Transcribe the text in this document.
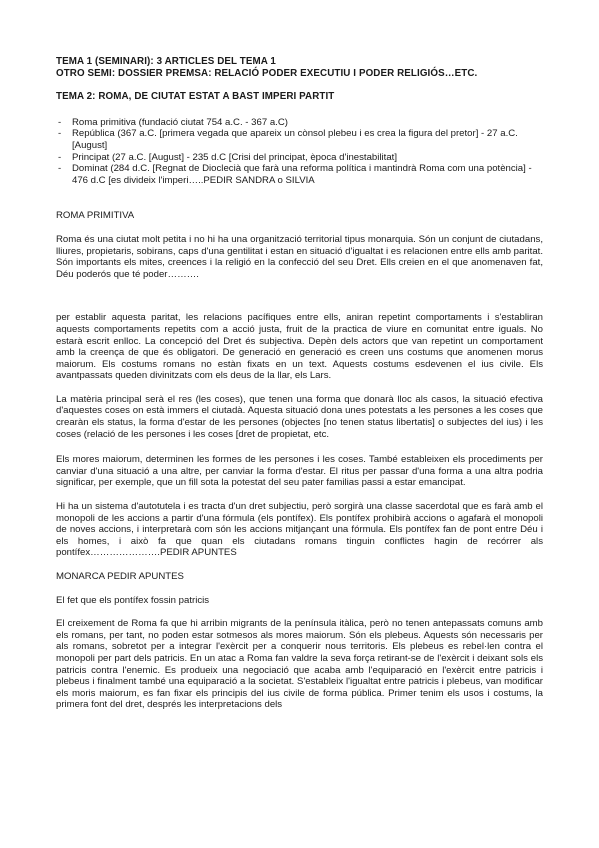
TEMA 1 (SEMINARI): 3 ARTICLES DEL TEMA 1
OTRO SEMI: DOSSIER PREMSA: RELACIÓ PODER EXECUTIU I PODER RELIGIÓS…ETC.
TEMA 2: ROMA, DE CIUTAT ESTAT A BAST IMPERI PARTIT
- Roma primitiva (fundació ciutat 754 a.C. - 367 a.C)
- República (367 a.C. [primera vegada que apareix un cònsol plebeu i es crea la figura del pretor] - 27 a.C. [August]
- Principat (27 a.C. [August] - 235 d.C [Crisi del principat, època d'inestabilitat]
- Dominat (284 d.C. [Regnat de Dioclecià que farà una reforma política i mantindrà Roma com una potència] - 476 d.C [es divideix l'imperi…..PEDIR SANDRA o SILVIA
ROMA PRIMITIVA

Roma és una ciutat molt petita i no hi ha una organització territorial tipus monarquia. Són un conjunt de ciutadans, lliures, propietaris, sobirans, caps d'una gentilitat i estan en situació d'igualtat i es relacionen entre ells amb paritat. Són importants els mites, creences i la religió en la confecció del seu Dret. Ells creien en el que anomenaven fat, Déu poderós que té poder……….

per establir aquesta paritat, les relacions pacífiques entre ells, aniran repetint comportaments i s'establiran aquests comportaments repetits com a acció justa, fruit de la practica de viure en comunitat entre iguals. No estarà escrit enlloc. La concepció del Dret és subjectiva. Depèn dels actors que van repetint un comportament amb la creença de que és obligatori. De generació en generació es creen uns costums que anomenen morus maiorum. Els costums romans no estàn fixats en un text. Aquests costums esdevenen el ius civile. Els avantpassats queden divinitzats com els deus de la llar, els Lars.

La matèria principal serà el res (les coses), que tenen una forma que donarà lloc als casos, la situació efectiva d'aquestes coses on està immers el ciutadà. Aquesta situació dona unes potestats a les persones a les coses que crearàn els status, la forma d'estar de les persones (objectes [no tenen status libertatis] o subjectes del ius) i les coses (relació de les persones i les coses [dret de propietat, etc.

Els mores maiorum, determinen les formes de les persones i les coses. També estableixen els procediments per canviar d'una situació a una altre, per canviar la forma d'estar. El ritus per passar d'una forma a una altra podria significar, per exemple, que un fill sota la potestat del seu pater familias passi a estar emancipat.

Hi ha un sistema d'autotutela i es tracta d'un dret subjectiu, però sorgirà una classe sacerdotal que es farà amb el monopoli de les accions a partir d'una fórmula (els pontífex). Els pontífex prohibirà accions o agafarà el monopoli de noves accions, i interpretarà com són les accions mitjançant una fórmula. Els pontífex fan de pont entre Déu i els homes, i això fa que quan els ciutadans romans tinguin conflictes hagin de recórrer als pontífex………………….PEDIR APUNTES

MONARCA PEDIR APUNTES
El fet que els pontífex fossin patricis

El creixement de Roma fa que hi arribin migrants de la península itàlica, però no tenen antepassats comuns amb els romans, per tant, no poden estar sotmesos als mores maiorum. Són els plebeus. Aquests són necessaris per als romans, sobretot per a integrar l'exèrcit per a conquerir nous territoris. Els plebeus es rebel·len contra el monopoli per part dels patricis. En un atac a Roma fan valdre la seva força retirant-se de l'exèrcit i deixant sols els patricis contra l'enemic. Es produeix una negociació que acaba amb l'equiparació en l'exèrcit entre patricis i plebeus i finalment també una equiparació a la societat. S'estableix l'igualtat entre patricis i plebeus, van modificar els moris maiorum, es fan fixar els principis del ius civile de forma pública. Primer tenim els usos i costums, la primera font del dret, després les interpretacions dels
